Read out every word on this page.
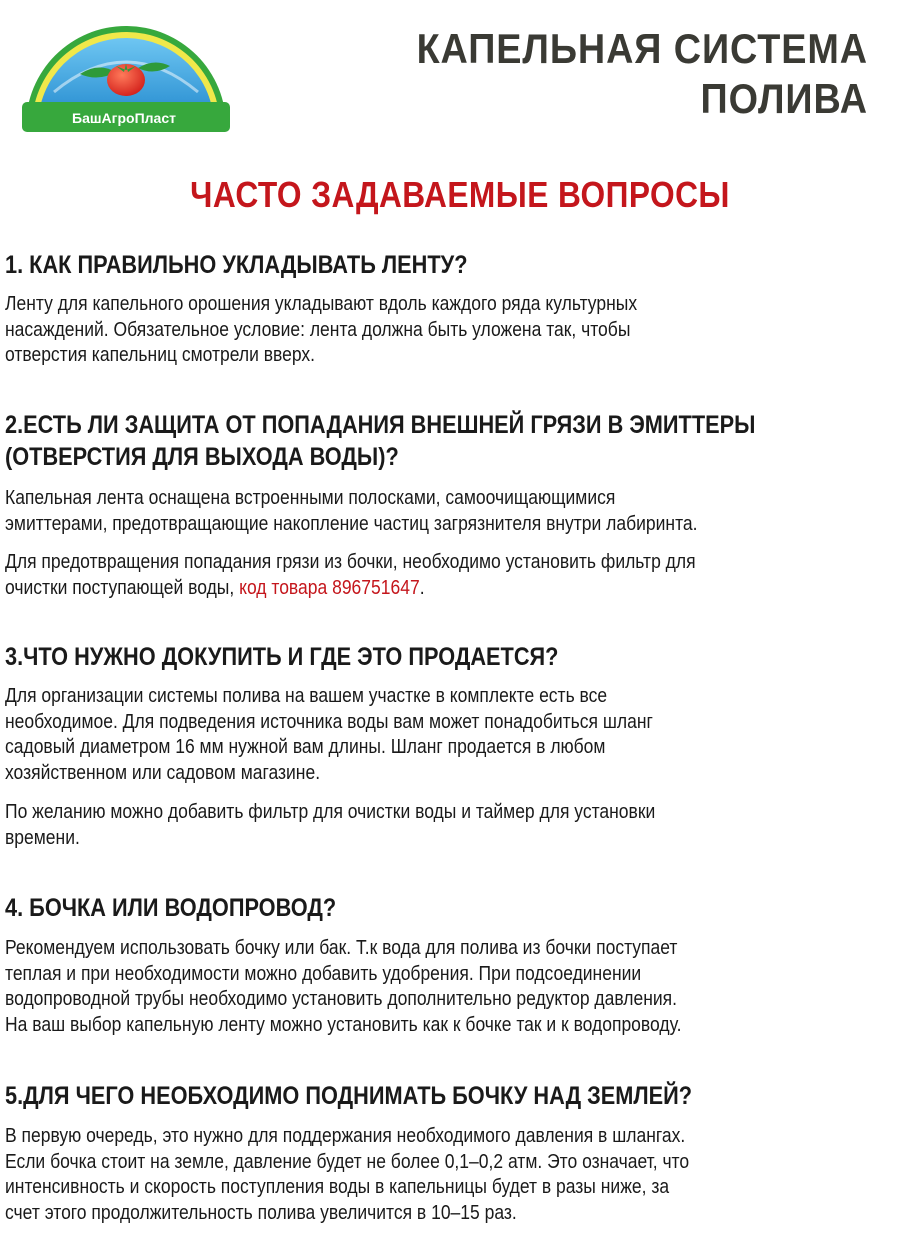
БашАгроПласт
КАПЕЛЬНАЯ СИСТЕМА
ПОЛИВА
ЧАСТО ЗАДАВАЕМЫЕ ВОПРОСЫ
1. КАК ПРАВИЛЬНО УКЛАДЫВАТЬ ЛЕНТУ?
Ленту для капельного орошения укладывают вдоль каждого ряда культурных
насаждений. Обязательное условие: лента должна быть уложена так, чтобы
отверстия капельниц смотрели вверх.
2.ЕСТЬ ЛИ ЗАЩИТА ОТ ПОПАДАНИЯ ВНЕШНЕЙ ГРЯЗИ В ЭМИТТЕРЫ
(ОТВЕРСТИЯ ДЛЯ ВЫХОДА ВОДЫ)?
Капельная лента оснащена встроенными полосками, самоочищающимися
эмиттерами, предотвращающие накопление частиц загрязнителя внутри лабиринта.
Для предотвращения попадания грязи из бочки, необходимо установить фильтр для
очистки поступающей воды, код товара 896751647.
3.ЧТО НУЖНО ДОКУПИТЬ И ГДЕ ЭТО ПРОДАЕТСЯ?
Для организации системы полива на вашем участке в комплекте есть все
необходимое. Для подведения источника воды вам может понадобиться шланг
садовый диаметром 16 мм нужной вам длины. Шланг продается в любом
хозяйственном или садовом магазине.
По желанию можно добавить фильтр для очистки воды и таймер для установки
времени.
4. БОЧКА ИЛИ ВОДОПРОВОД?
Рекомендуем использовать бочку или бак. Т.к вода для полива из бочки поступает
теплая и при необходимости можно добавить удобрения. При подсоединении
водопроводной трубы необходимо установить дополнительно редуктор давления.
На ваш выбор капельную ленту можно установить как к бочке так и к водопроводу.
5.ДЛЯ ЧЕГО НЕОБХОДИМО ПОДНИМАТЬ БОЧКУ НАД ЗЕМЛЕЙ?
В первую очередь, это нужно для поддержания необходимого давления в шлангах.
Если бочка стоит на земле, давление будет не более 0,1–0,2 атм. Это означает, что
интенсивность и скорость поступления воды в капельницы будет в разы ниже, за
счет этого продолжительность полива увеличится в 10–15 раз.
